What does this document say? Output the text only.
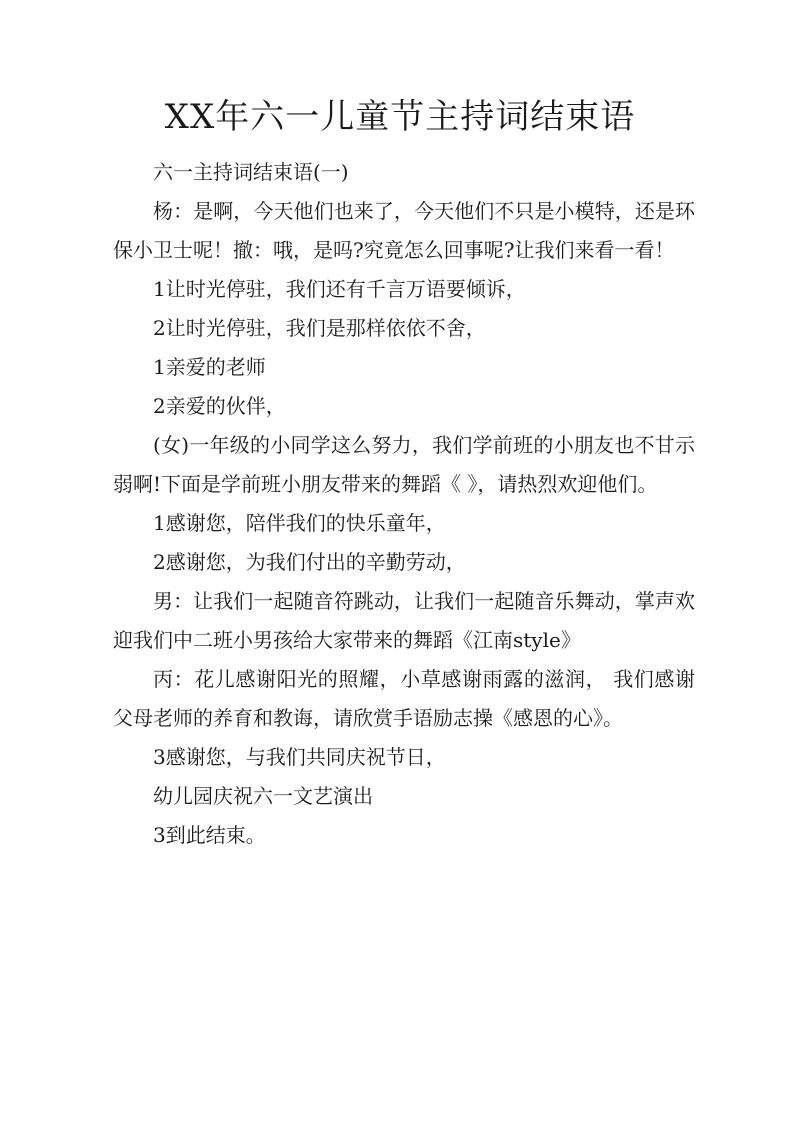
XX年六一儿童节主持词结束语

六一主持词结束语(一)

杨：是啊，今天他们也来了，今天他们不只是小模特，还是环保小卫士呢！撤：哦，是吗?究竟怎么回事呢?让我们来看一看！

1让时光停驻，我们还有千言万语要倾诉，

2让时光停驻，我们是那样依依不舍，

1亲爱的老师

2亲爱的伙伴，

(女)一年级的小同学这么努力，我们学前班的小朋友也不甘示弱啊!下面是学前班小朋友带来的舞蹈《 》，请热烈欢迎他们。

1感谢您，陪伴我们的快乐童年，

2感谢您，为我们付出的辛勤劳动，

男：让我们一起随音符跳动，让我们一起随音乐舞动，掌声欢迎我们中二班小男孩给大家带来的舞蹈《江南style》

丙：花儿感谢阳光的照耀，小草感谢雨露的滋润， 我们感谢父母老师的养育和教诲，请欣赏手语励志操《感恩的心》。

3感谢您，与我们共同庆祝节日，

幼儿园庆祝六一文艺演出

3到此结束。
